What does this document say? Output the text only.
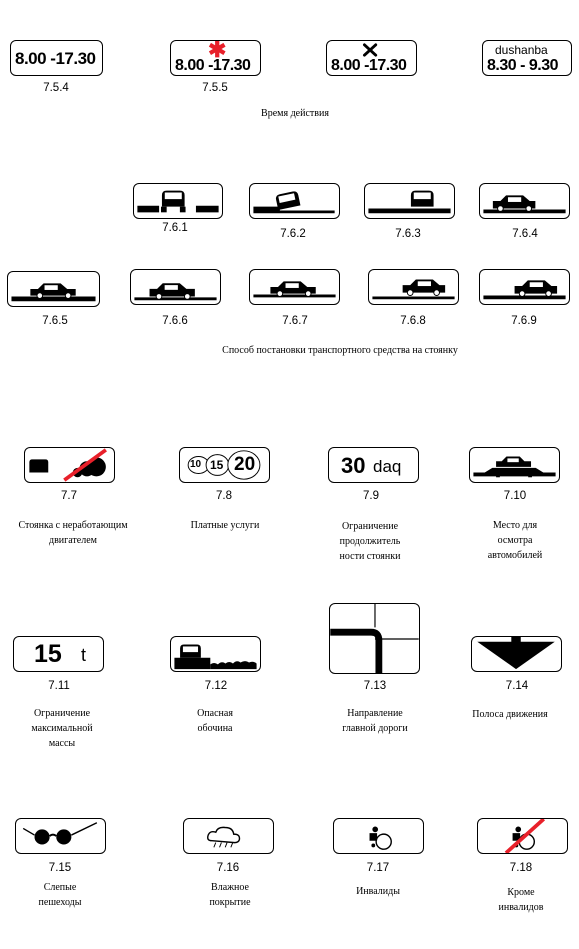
8.00 -17.30
7.5.4
✱
8.00 -17.30
7.5.5
8.00 -17.30
dushanba
8.30 - 9.30
Время действия
7.6.1	7.6.2	7.6.3	7.6.4
7.6.5	7.6.6	7.6.7	7.6.8	7.6.9
Способ постановки транспортного средства на стоянку
7.7
Стоянка с неработающим
двигателем
10 15 20
7.8
Платные услуги
30 daq
7.9
Ограничение
продолжитель
ности стоянки
7.10
Место для
осмотра
автомобилей
15 t
7.11
Ограничение
максимальной
массы
7.12
Опасная
обочина
7.13
Направление
главной дороги
7.14
Полоса движения
7.15
Слепые
пешеходы
7.16
Влажное
покрытие
7.17
Инвалиды
7.18
Кроме
инвалидов
